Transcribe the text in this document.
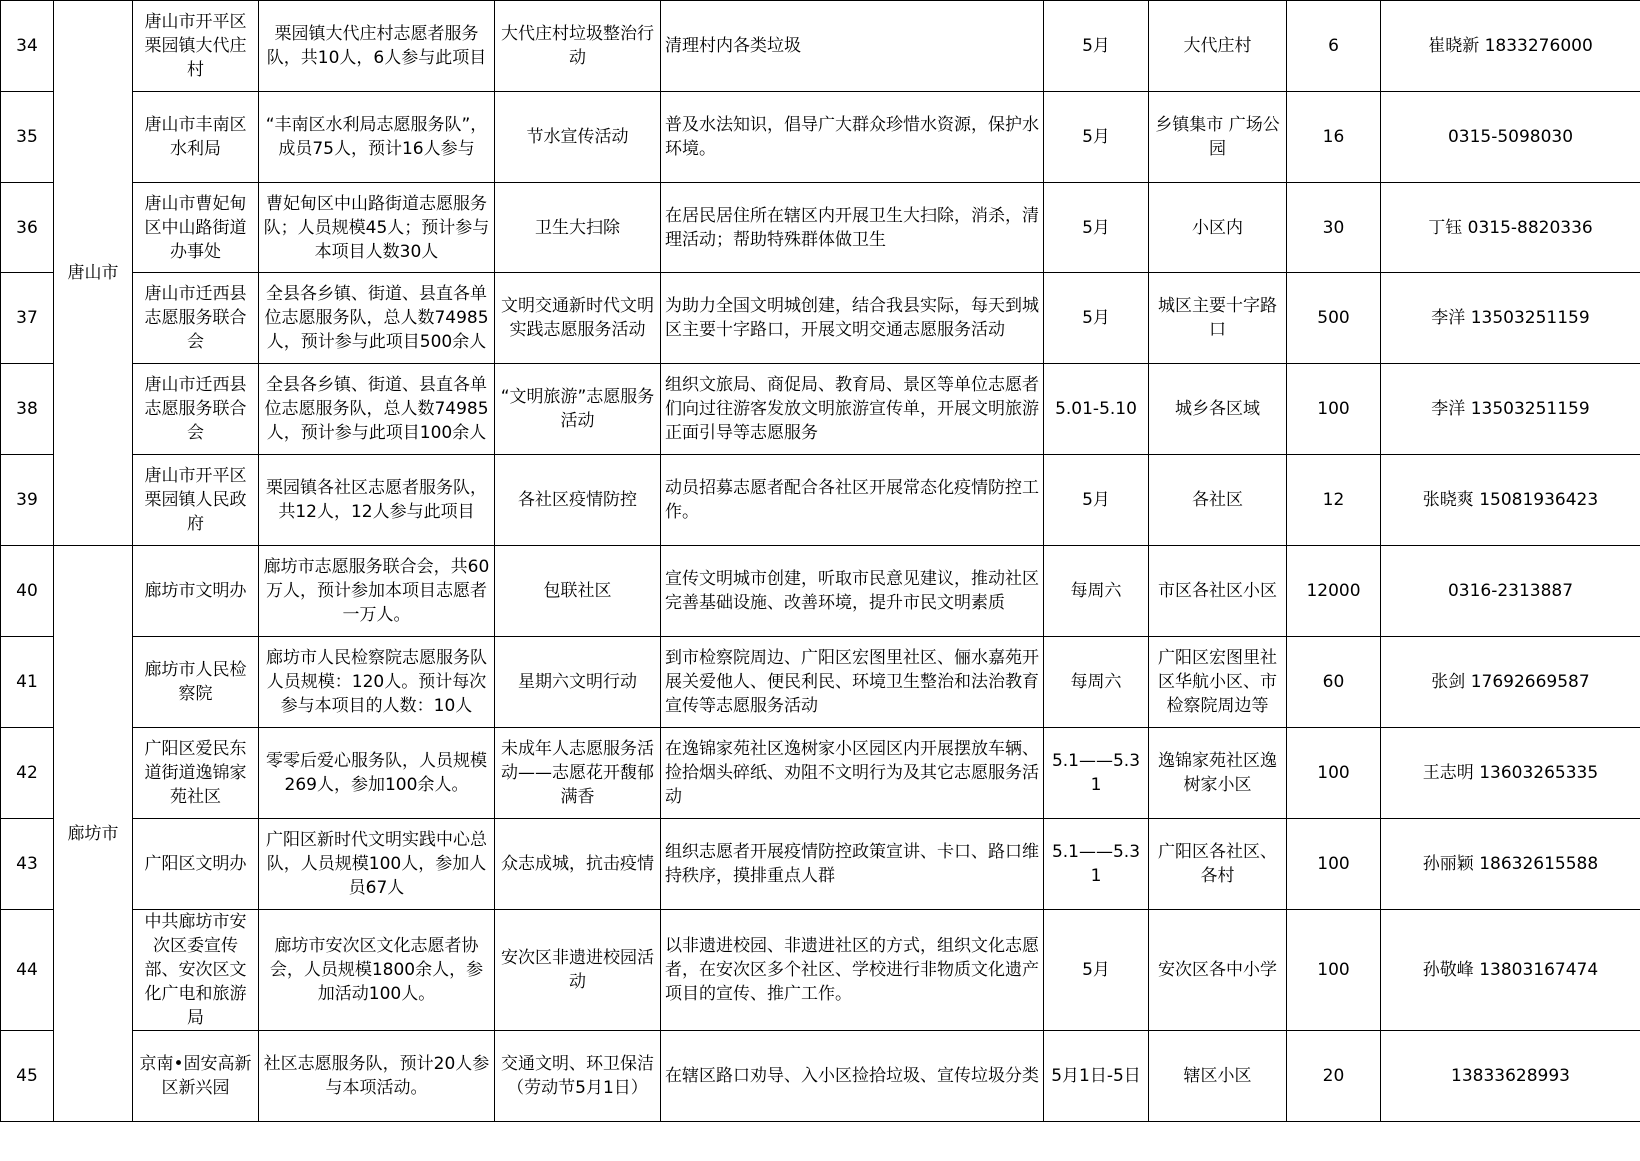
34	唐山市	唐山市开平区栗园镇大代庄村	栗园镇大代庄村志愿者服务队，共10人，6人参与此项目	大代庄村垃圾整治行动	清理村内各类垃圾	5月	大代庄村	6	崔晓新 1833276000
35		唐山市丰南区水利局	“丰南区水利局志愿服务队”，成员75人，预计16人参与	节水宣传活动	普及水法知识，倡导广大群众珍惜水资源，保护水环境。	5月	乡镇集市 广场公园	16	0315-5098030
36		唐山市曹妃甸区中山路街道办事处	曹妃甸区中山路街道志愿服务队；人员规模45人；预计参与本项目人数30人	卫生大扫除	在居民居住所在辖区内开展卫生大扫除，消杀，清理活动；帮助特殊群体做卫生	5月	小区内	30	丁钰 0315-8820336
37		唐山市迁西县志愿服务联合会	全县各乡镇、街道、县直各单位志愿服务队，总人数74985人，预计参与此项目500余人	文明交通新时代文明实践志愿服务活动	为助力全国文明城创建，结合我县实际，每天到城区主要十字路口，开展文明交通志愿服务活动	5月	城区主要十字路口	500	李洋 13503251159
38		唐山市迁西县志愿服务联合会	全县各乡镇、街道、县直各单位志愿服务队，总人数74985人，预计参与此项目100余人	“文明旅游”志愿服务活动	组织文旅局、商促局、教育局、景区等单位志愿者们向过往游客发放文明旅游宣传单，开展文明旅游正面引导等志愿服务	5.01-5.10	城乡各区域	100	李洋 13503251159
39		唐山市开平区栗园镇人民政府	栗园镇各社区志愿者服务队，共12人，12人参与此项目	各社区疫情防控	动员招募志愿者配合各社区开展常态化疫情防控工作。	5月	各社区	12	张晓爽 15081936423
40	廊坊市	廊坊市文明办	廊坊市志愿服务联合会，共60万人，预计参加本项目志愿者一万人。	包联社区	宣传文明城市创建，听取市民意见建议，推动社区完善基础设施、改善环境，提升市民文明素质	每周六	市区各社区小区	12000	0316-2313887
41		廊坊市人民检察院	廊坊市人民检察院志愿服务队人员规模：120人。预计每次参与本项目的人数：10人	星期六文明行动	到市检察院周边、广阳区宏图里社区、俪水嘉苑开展关爱他人、便民利民、环境卫生整治和法治教育宣传等志愿服务活动	每周六	广阳区宏图里社区华航小区、市检察院周边等	60	张剑 17692669587
42		广阳区爱民东道街道逸锦家苑社区	零零后爱心服务队，人员规模269人，参加100余人。	未成年人志愿服务活动——志愿花开馥郁满香	在逸锦家苑社区逸树家小区园区内开展摆放车辆、捡拾烟头碎纸、劝阻不文明行为及其它志愿服务活动	5.1——5.31	逸锦家苑社区逸树家小区	100	王志明 13603265335
43		广阳区文明办	广阳区新时代文明实践中心总队，人员规模100人，参加人员67人	众志成城，抗击疫情	组织志愿者开展疫情防控政策宣讲、卡口、路口维持秩序，摸排重点人群	5.1——5.31	广阳区各社区、各村	100	孙丽颖 18632615588
44		中共廊坊市安次区委宣传部、安次区文化广电和旅游局	廊坊市安次区文化志愿者协会，人员规模1800余人，参加活动100人。	安次区非遗进校园活动	以非遗进校园、非遗进社区的方式，组织文化志愿者，在安次区多个社区、学校进行非物质文化遗产项目的宣传、推广工作。	5月	安次区各中小学	100	孙敬峰 13803167474
45		京南•固安高新区新兴园	社区志愿服务队，预计20人参与本项活动。	交通文明、环卫保洁（劳动节5月1日）	在辖区路口劝导、入小区捡拾垃圾、宣传垃圾分类	5月1日-5日	辖区小区	20	13833628993
